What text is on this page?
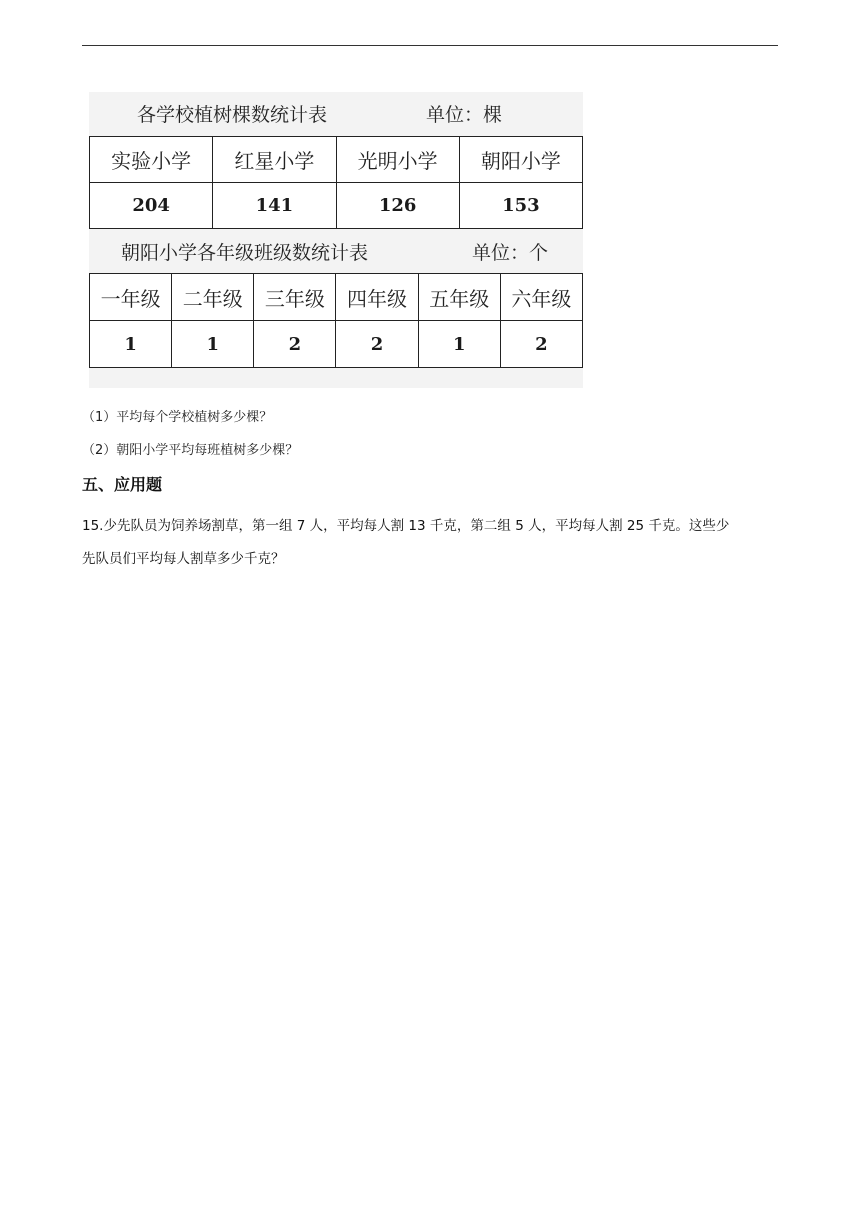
各学校植树棵数统计表	单位：棵
实验小学	红星小学	光明小学	朝阳小学
204	141	126	153
朝阳小学各年级班级数统计表	单位：个
一年级	二年级	三年级	四年级	五年级	六年级
1	1	2	2	1	2
（1）平均每个学校植树多少棵？
（2）朝阳小学平均每班植树多少棵？
五、应用题
15.少先队员为饲养场割草，第一组 7 人，平均每人割 13 千克，第二组 5 人，平均每人割 25 千克。这些少
先队员们平均每人割草多少千克？
